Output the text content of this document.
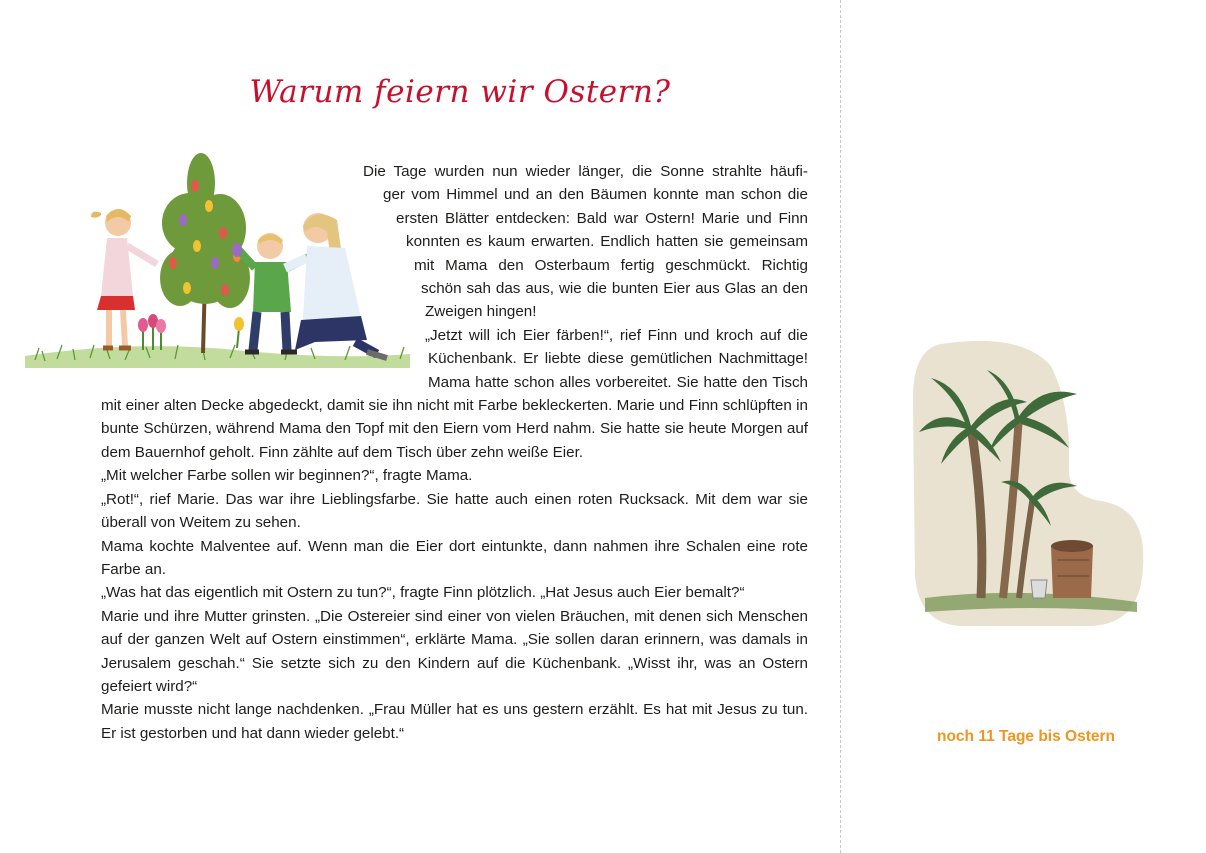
Warum feiern wir Ostern?
Die Tage wurden nun wieder länger, die Sonne strahlte häufi-
ger vom Himmel und an den Bäumen konnte man schon die
ersten Blätter entdecken: Bald war Ostern! Marie und Finn
konnten es kaum erwarten. Endlich hatten sie gemeinsam
mit Mama den Osterbaum fertig geschmückt. Richtig
schön sah das aus, wie die bunten Eier aus Glas an den
Zweigen hingen!
„Jetzt will ich Eier färben!“, rief Finn und kroch auf die
Küchenbank. Er liebte diese gemütlichen Nachmittage!
Mama hatte schon alles vorbereitet. Sie hatte den Tisch

mit einer alten Decke abgedeckt, damit sie ihn nicht mit Farbe bekleckerten. Marie und Finn schlüpften in bunte Schürzen, während Mama den Topf mit den Eiern vom Herd nahm. Sie hatte sie heute Morgen auf dem Bauernhof geholt. Finn zählte auf dem Tisch über zehn weiße Eier.

„Mit welcher Farbe sollen wir beginnen?“, fragte Mama.

„Rot!“, rief Marie. Das war ihre Lieblingsfarbe. Sie hatte auch einen roten Rucksack. Mit dem war sie überall von Weitem zu sehen.

Mama kochte Malventee auf. Wenn man die Eier dort eintunkte, dann nahmen ihre Schalen eine rote Farbe an.

„Was hat das eigentlich mit Ostern zu tun?“, fragte Finn plötzlich. „Hat Jesus auch Eier bemalt?“

Marie und ihre Mutter grinsten. „Die Ostereier sind einer von vielen Bräuchen, mit denen sich Menschen auf der ganzen Welt auf Ostern einstimmen“, erklärte Mama. „Sie sollen daran erinnern, was damals in Jerusalem geschah.“ Sie setzte sich zu den Kindern auf die Küchenbank. „Wisst ihr, was an Ostern gefeiert wird?“

Marie musste nicht lange nachdenken. „Frau Müller hat es uns gestern erzählt. Es hat mit Jesus zu tun. Er ist gestorben und hat dann wieder gelebt.“	noch 11 Tage bis Ostern
